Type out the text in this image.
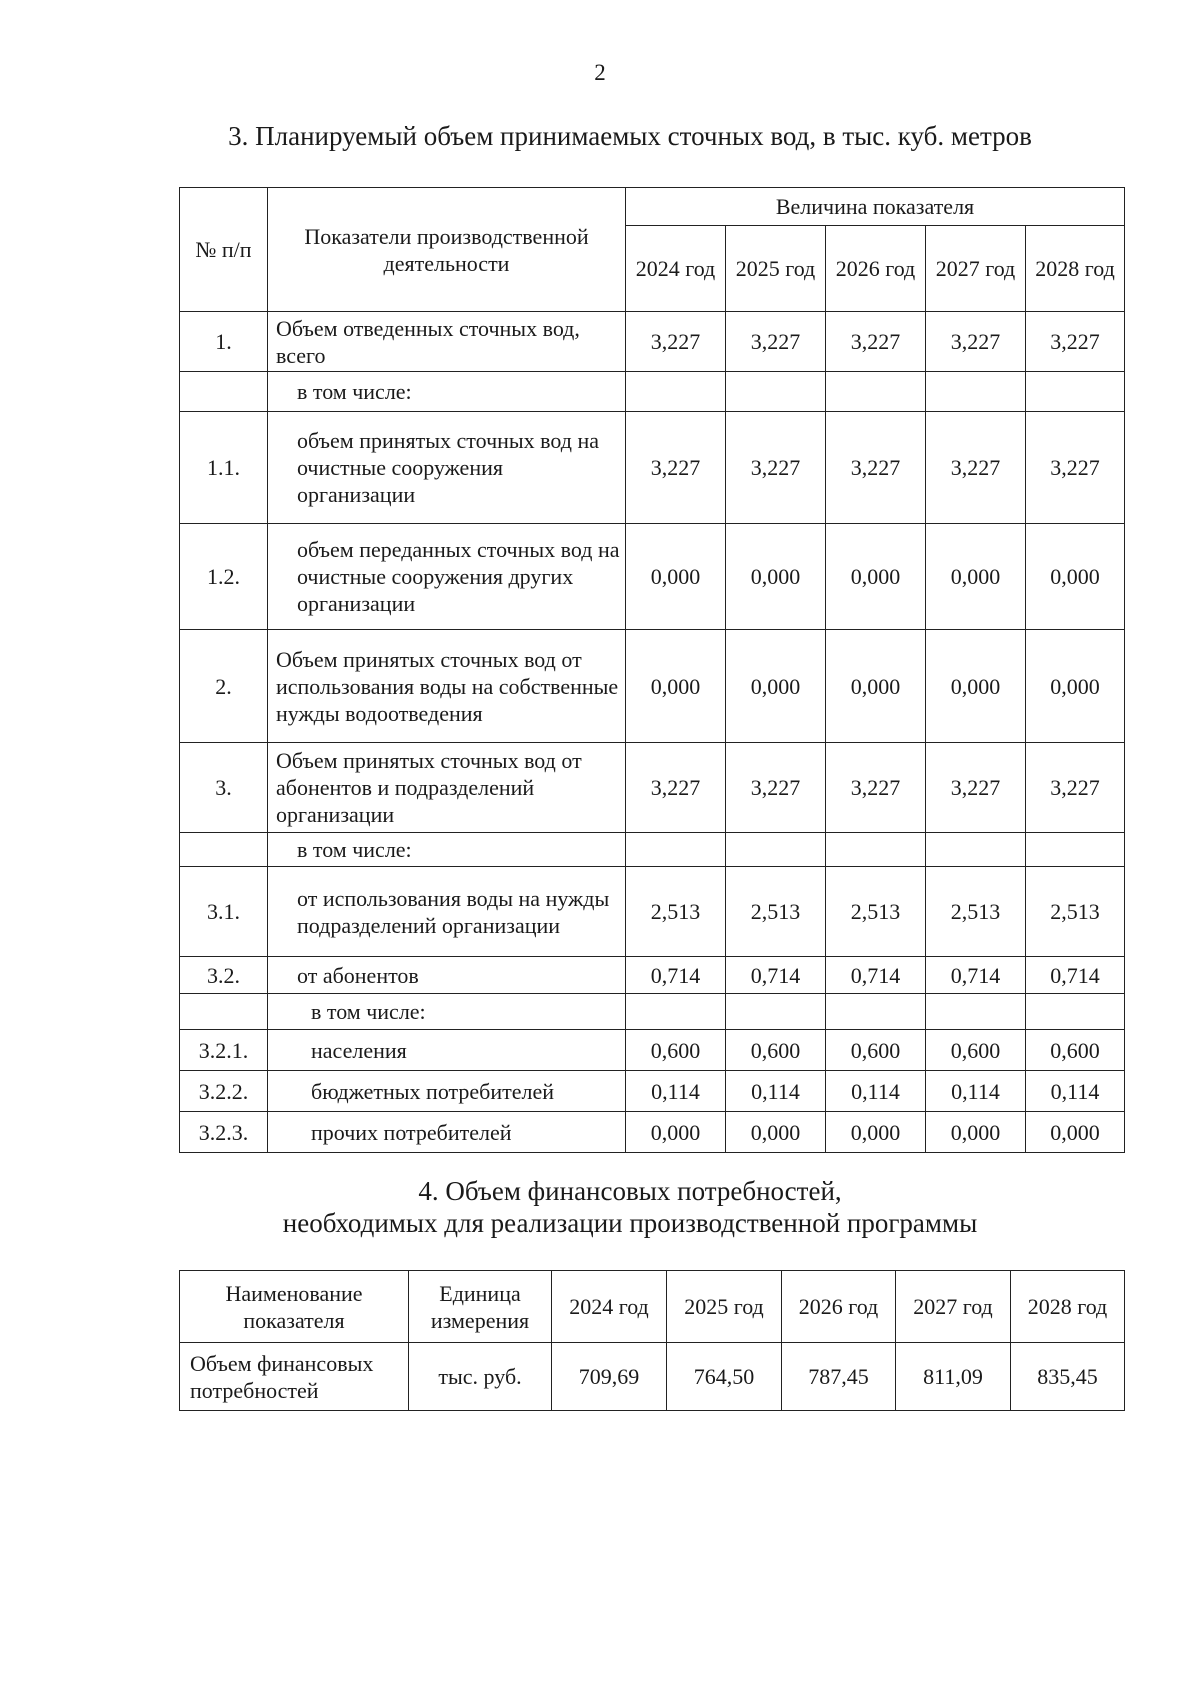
2
3. Планируемый объем принимаемых сточных вод, в тыс. куб. метров
№ п/п	Показатели производственной деятельности	Величина показателя				
		2024 год	2025 год	2026 год	2027 год	2028 год
1.	Объем отведенных сточных вод, всего	3,227	3,227	3,227	3,227	3,227
	в том числе:					
1.1.	объем принятых сточных вод на очистные сооружения организации	3,227	3,227	3,227	3,227	3,227
1.2.	объем переданных сточных вод на очистные сооружения других организации	0,000	0,000	0,000	0,000	0,000
2.	Объем принятых сточных вод от использования воды на собственные нужды водоотведения	0,000	0,000	0,000	0,000	0,000
3.	Объем принятых сточных вод от абонентов и подразделений организации	3,227	3,227	3,227	3,227	3,227
	в том числе:					
3.1.	от использования воды на нужды подразделений организации	2,513	2,513	2,513	2,513	2,513
3.2.	от абонентов	0,714	0,714	0,714	0,714	0,714
	в том числе:					
3.2.1.	населения	0,600	0,600	0,600	0,600	0,600
3.2.2.	бюджетных потребителей	0,114	0,114	0,114	0,114	0,114
3.2.3.	прочих потребителей	0,000	0,000	0,000	0,000	0,000
4. Объем финансовых потребностей,
необходимых для реализации производственной программы
Наименование показателя	Единица измерения	2024 год	2025 год	2026 год	2027 год	2028 год
Объем финансовых потребностей	тыс. руб.	709,69	764,50	787,45	811,09	835,45
